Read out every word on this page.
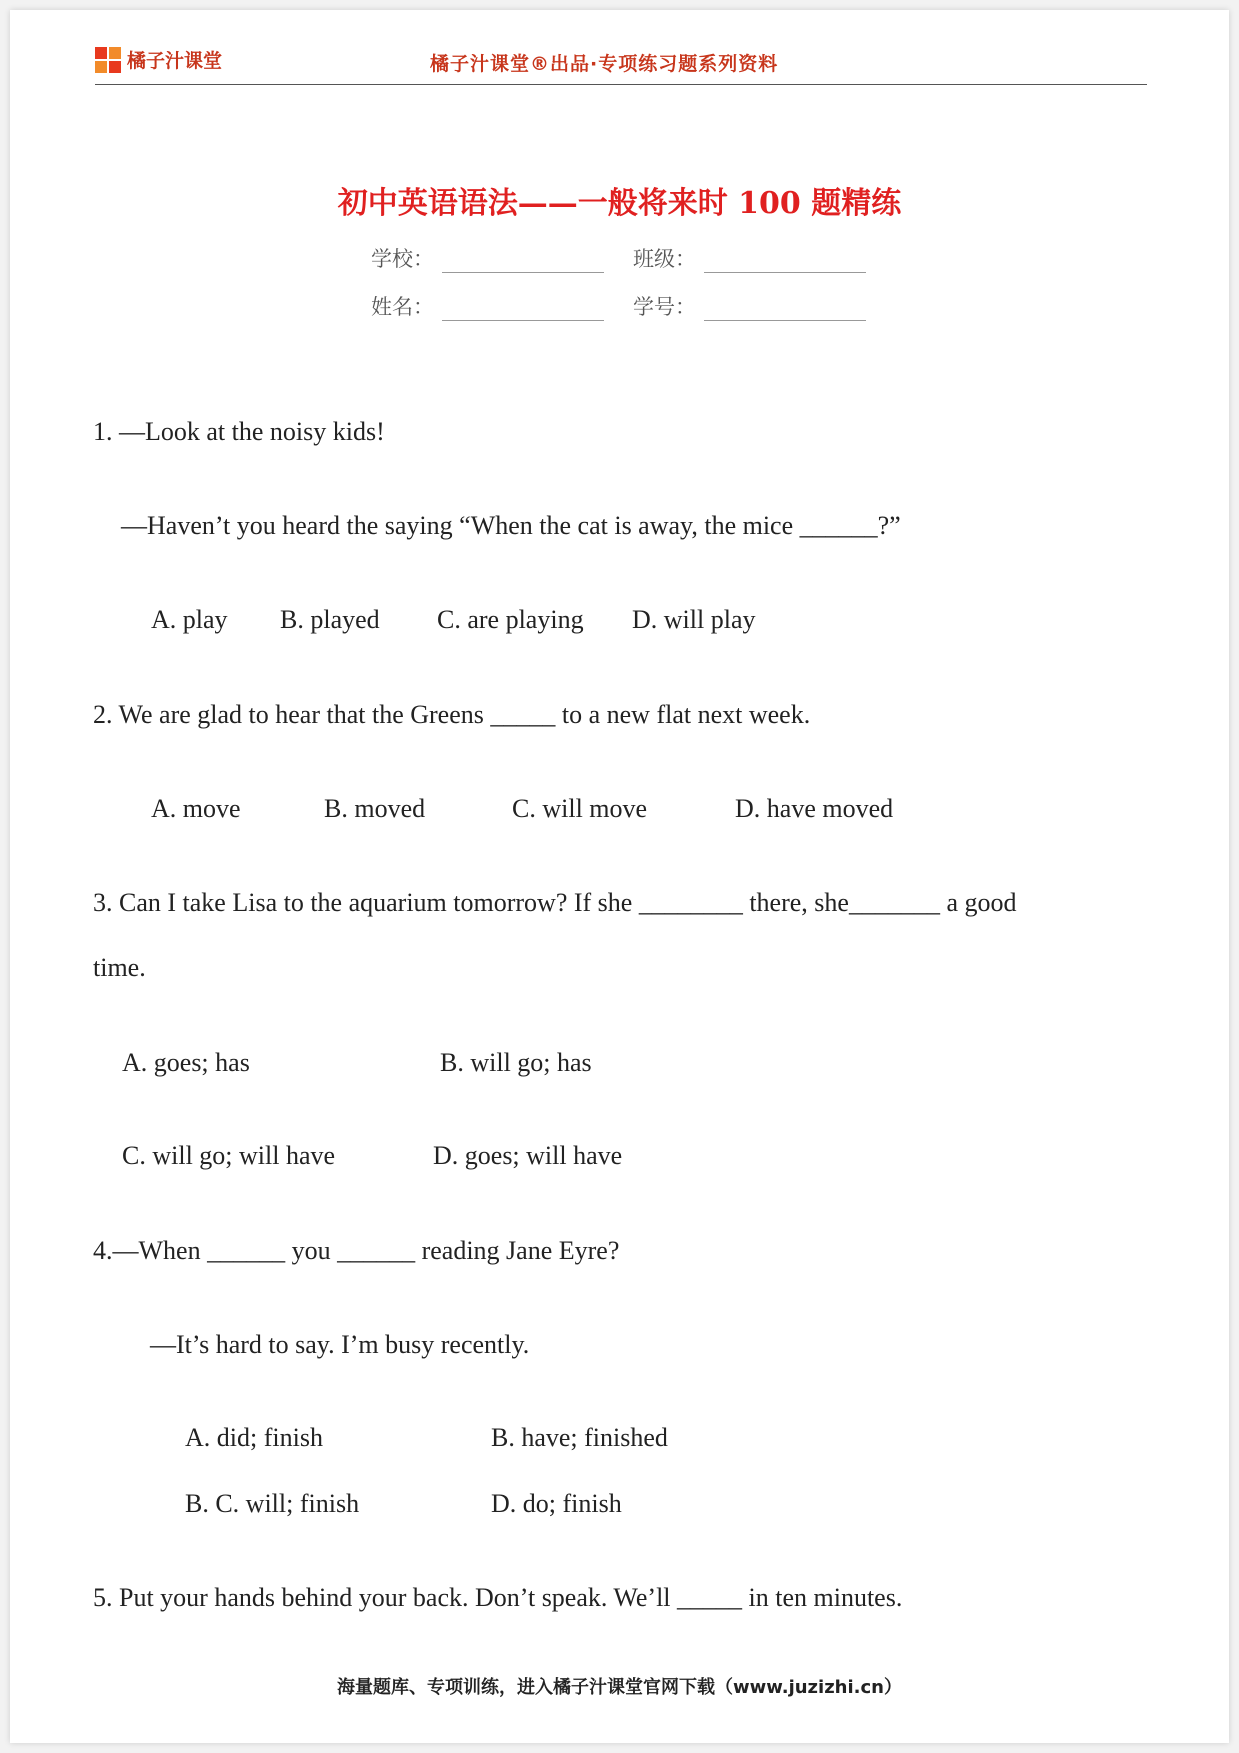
橘子汁课堂	橘子汁课堂®出品·专项练习题系列资料
初中英语语法——一般将来时 100 题精练
学校：	班级：
姓名：	学号：
1. —Look at the noisy kids!
—Haven’t you heard the saying “When the cat is away, the mice ______?”
A. play B. played C. are playing D. will play
2. We are glad to hear that the Greens _____ to a new flat next week.
A. move	B. moved	C. will move	D. have moved
3. Can I take Lisa to the aquarium tomorrow? If she ________ there, she_______ a good
time.
A. goes; has	B. will go; has
C. will go; will have	D. goes; will have
4.—When ______ you ______ reading Jane Eyre?
—It’s hard to say. I’m busy recently.
A. did; finish	B. have; finished
B. C. will; finish	D. do; finish
5. Put your hands behind your back. Don’t speak. We’ll _____ in ten minutes.
海量题库、专项训练，进入橘子汁课堂官网下载（www.juzizhi.cn）
